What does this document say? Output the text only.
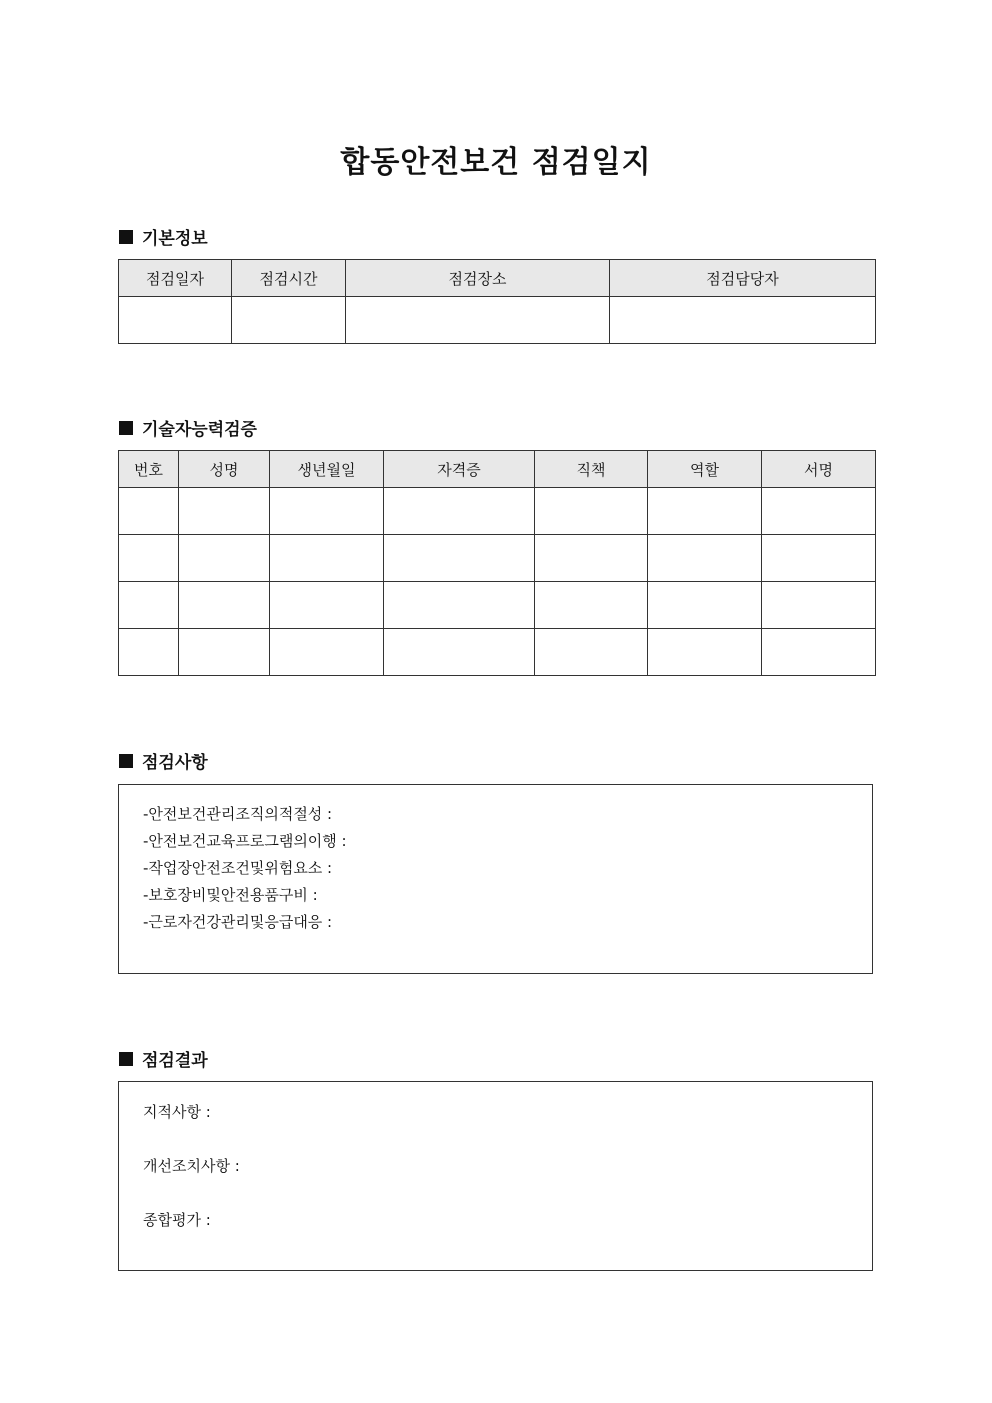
합동안전보건 점검일지
기본정보
점검일자	점검시간	점검장소	점검담당자

기술자능력검증
번호	성명	생년월일	자격증	직책	역할	서명

점검사항

-안전보건관리조직의적절성 :

-안전보건교육프로그램의이행 :

-작업장안전조건및위험요소 :

-보호장비및안전용품구비 :

-근로자건강관리및응급대응 :

점검결과

지적사항 :

개선조치사항 :

종합평가 :
